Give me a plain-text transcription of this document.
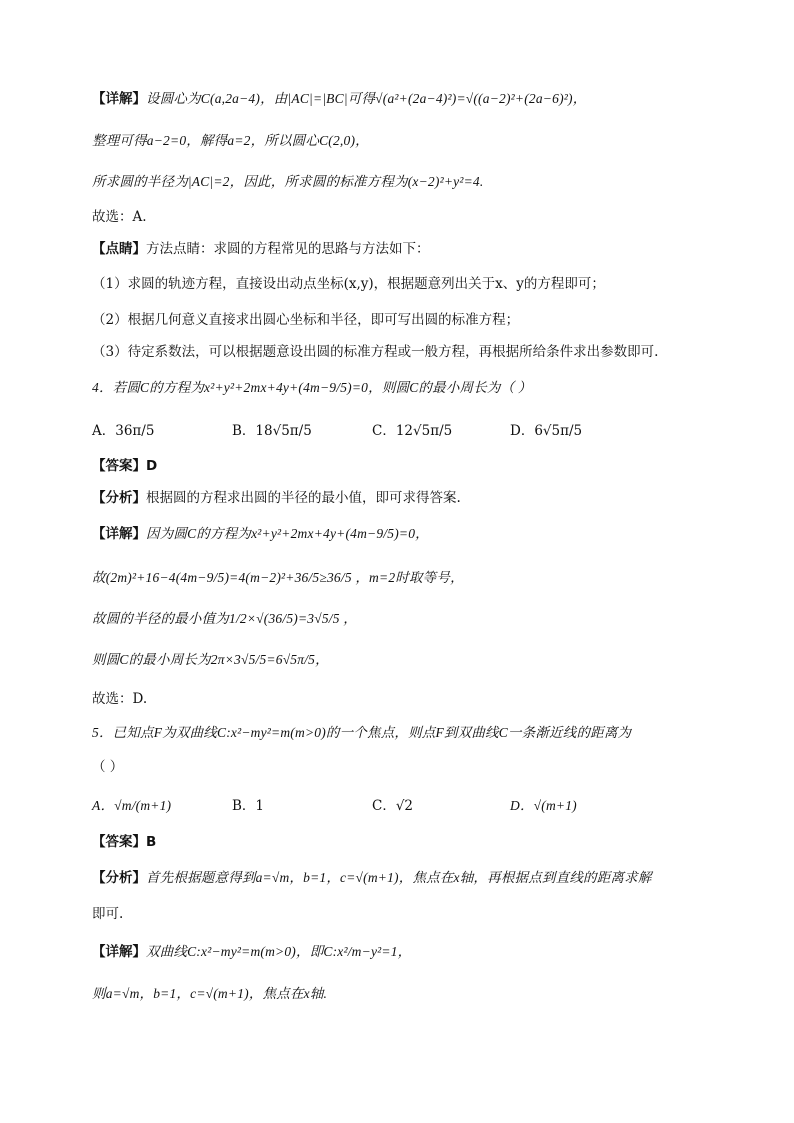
【详解】设圆心为C(a,2a−4)，由|AC|=|BC|可得√(a²+(2a−4)²)=√((a−2)²+(2a−6)²)，
整理可得a−2=0，解得a=2，所以圆心C(2,0)，
所求圆的半径为|AC|=2，因此，所求圆的标准方程为(x−2)²+y²=4.
故选：A.
【点睛】方法点睛：求圆的方程常见的思路与方法如下：
（1）求圆的轨迹方程，直接设出动点坐标(x,y)，根据题意列出关于x、y的方程即可；
（2）根据几何意义直接求出圆心坐标和半径，即可写出圆的标准方程；
（3）待定系数法，可以根据题意设出圆的标准方程或一般方程，再根据所给条件求出参数即可.
4．若圆C的方程为x²+y²+2mx+4y+(4m−9/5)=0，则圆C的最小周长为（ ）
A．36π/5	B．18√5π/5	C．12√5π/5	D．6√5π/5
【答案】D
【分析】根据圆的方程求出圆的半径的最小值，即可求得答案.
【详解】因为圆C的方程为x²+y²+2mx+4y+(4m−9/5)=0，
故(2m)²+16−4(4m−9/5)=4(m−2)²+36/5≥36/5 ，m=2时取等号，
故圆的半径的最小值为1/2×√(36/5)=3√5/5 ，
则圆C的最小周长为2π×3√5/5=6√5π/5，
故选：D.
5．已知点F为双曲线C:x²−my²=m(m>0)的一个焦点，则点F到双曲线C一条渐近线的距离为
（ ）
A．√m/(m+1)	B．1	C．√2	D．√(m+1)
【答案】B
【分析】首先根据题意得到a=√m，b=1，c=√(m+1)，焦点在x轴，再根据点到直线的距离求解
即可.
【详解】双曲线C:x²−my²=m(m>0)，即C:x²/m−y²=1，
则a=√m，b=1，c=√(m+1)，焦点在x轴.
